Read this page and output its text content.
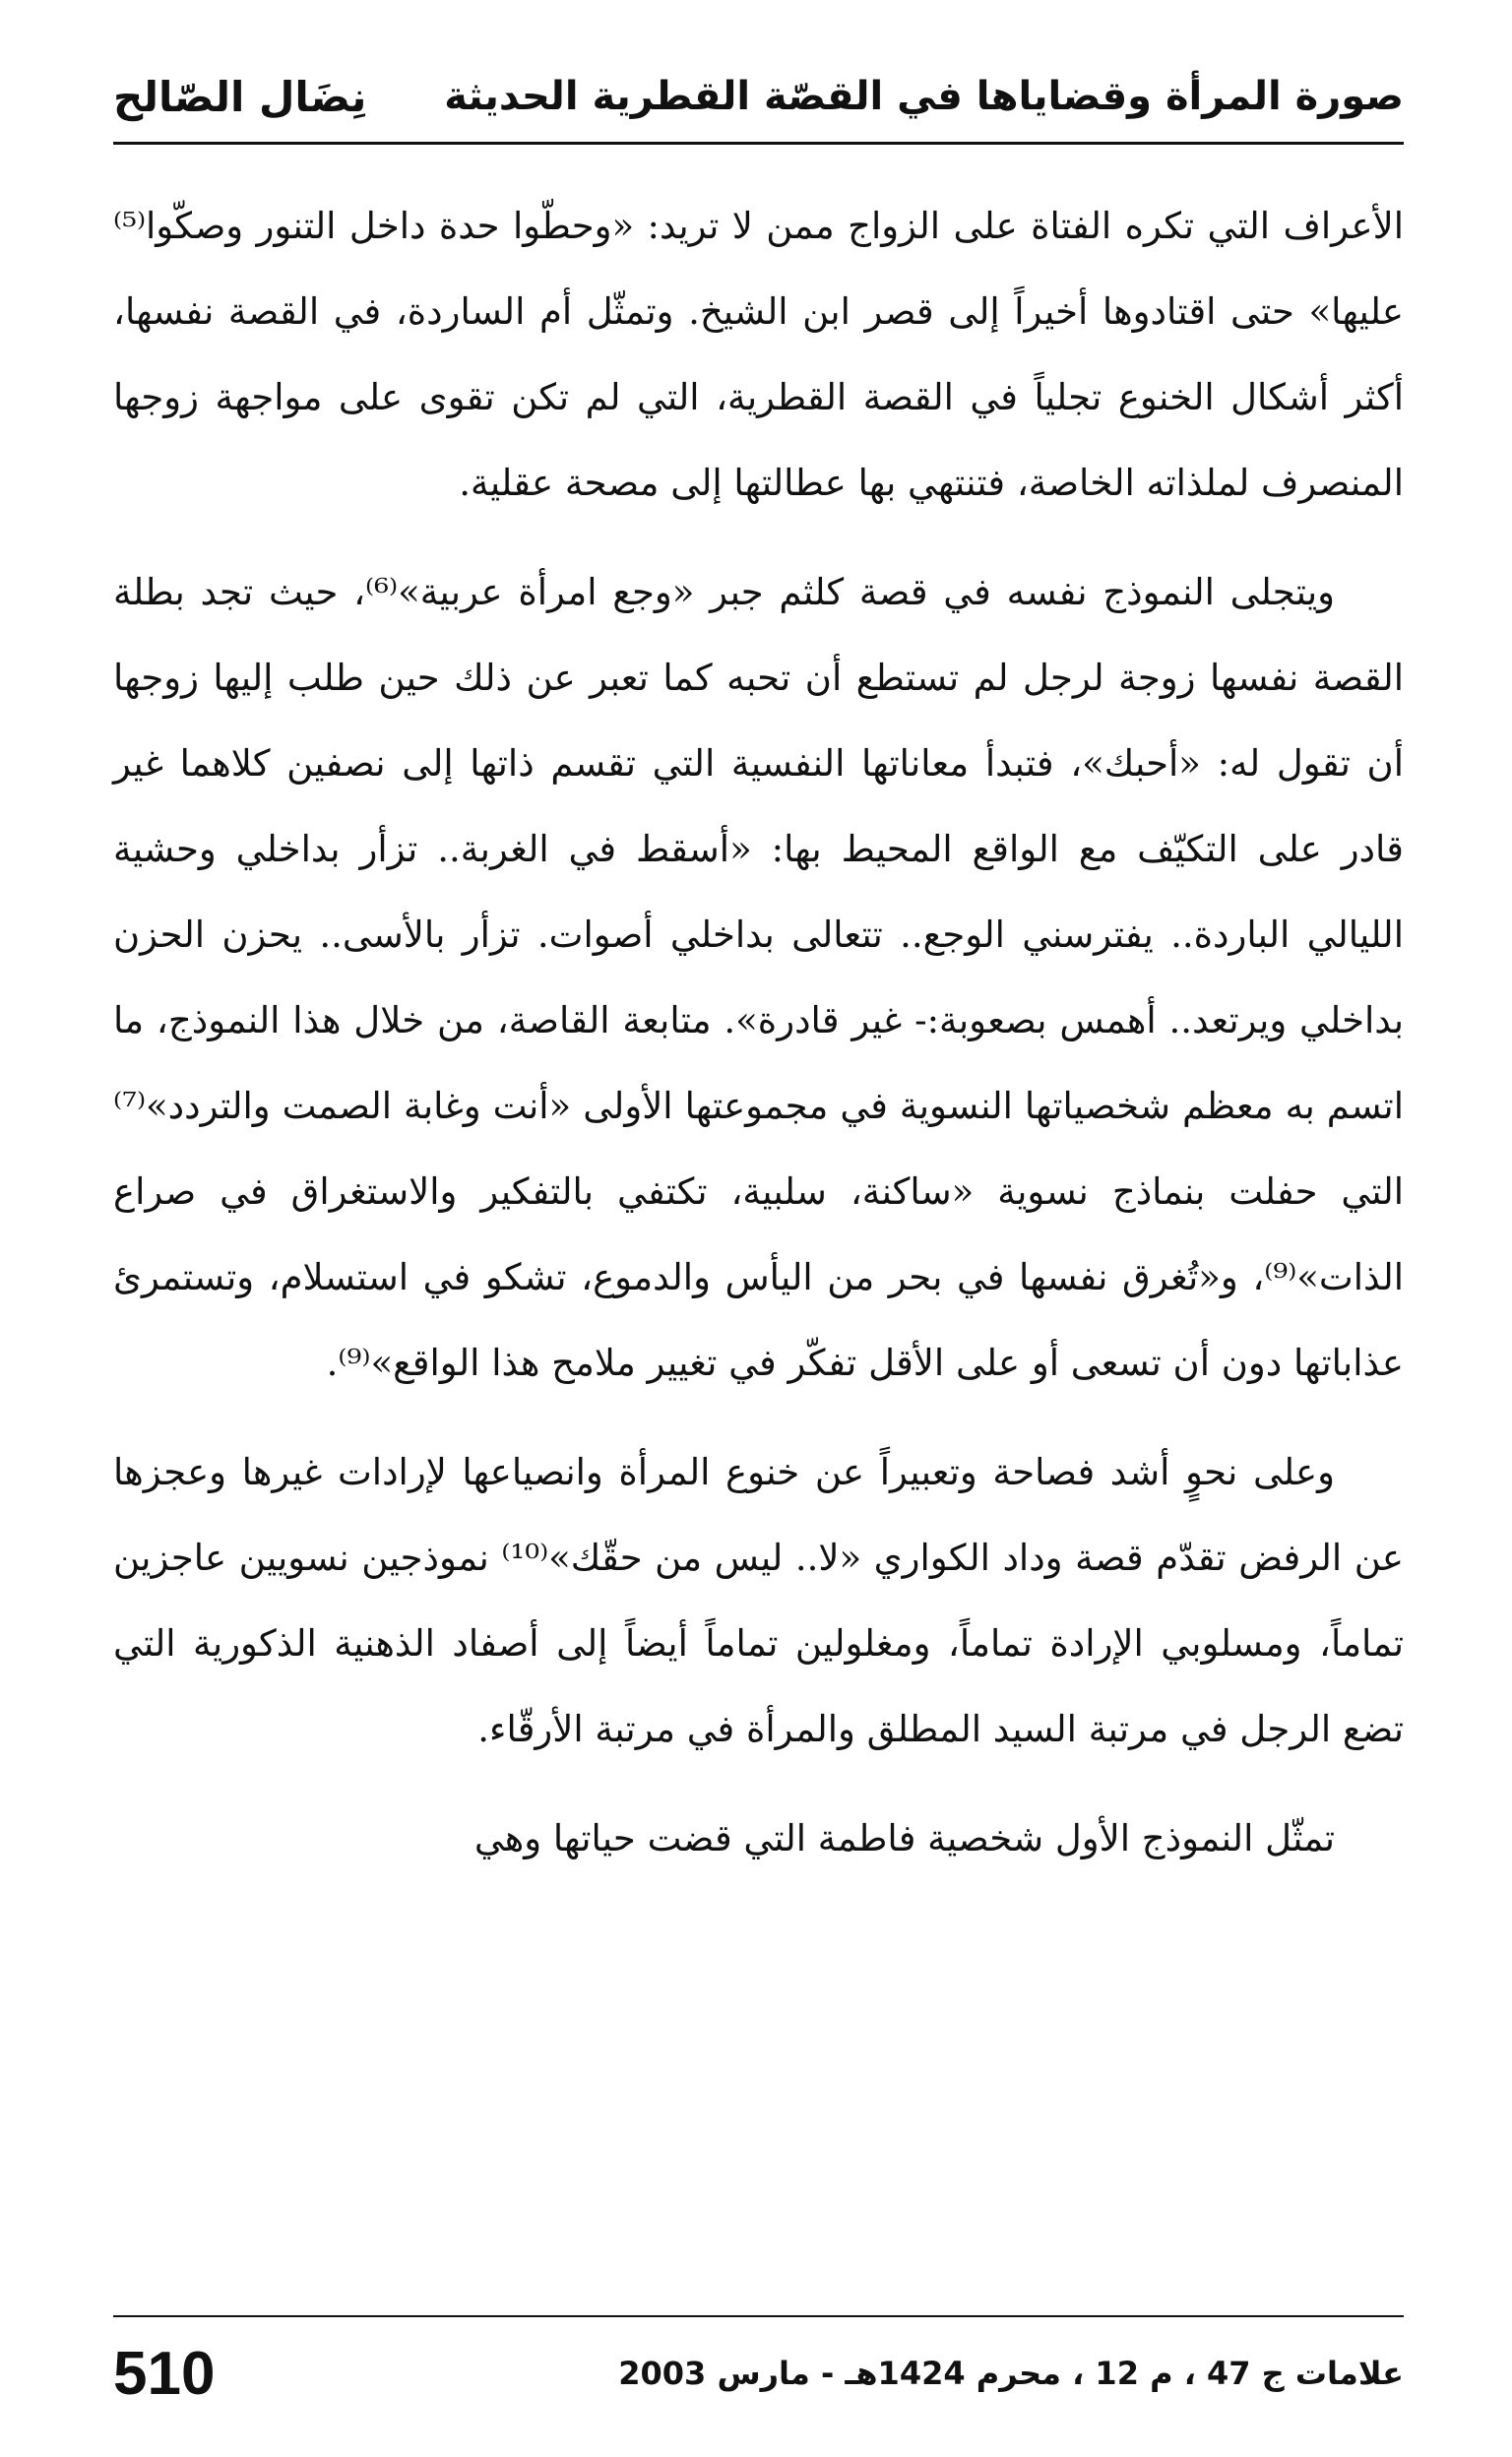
صورة المرأة وقضاياها في القصّة القطرية الحديثة
نِضَال الصّالح

الأعراف التي تكره الفتاة على الزواج ممن لا تريد: «وحطّوا حدة داخل التنور وصكّوا⁽⁵⁾ عليها» حتى اقتادوها أخيراً إلى قصر ابن الشيخ. وتمثّل أم الساردة، في القصة نفسها، أكثر أشكال الخنوع تجلياً في القصة القطرية، التي لم تكن تقوى على مواجهة زوجها المنصرف لملذاته الخاصة، فتنتهي بها عطالتها إلى مصحة عقلية.

ويتجلى النموذج نفسه في قصة كلثم جبر «وجع امرأة عربية»⁽⁶⁾، حيث تجد بطلة القصة نفسها زوجة لرجل لم تستطع أن تحبه كما تعبر عن ذلك حين طلب إليها زوجها أن تقول له: «أحبك»، فتبدأ معاناتها النفسية التي تقسم ذاتها إلى نصفين كلاهما غير قادر على التكيّف مع الواقع المحيط بها: «أسقط في الغربة.. تزأر بداخلي وحشية الليالي الباردة.. يفترسني الوجع.. تتعالى بداخلي أصوات. تزأر بالأسى.. يحزن الحزن بداخلي ويرتعد.. أهمس بصعوبة:- غير قادرة». متابعة القاصة، من خلال هذا النموذج، ما اتسم به معظم شخصياتها النسوية في مجموعتها الأولى «أنت وغابة الصمت والتردد»⁽⁷⁾ التي حفلت بنماذج نسوية «ساكنة، سلبية، تكتفي بالتفكير والاستغراق في صراع الذات»⁽⁹⁾، و«تُغرق نفسها في بحر من اليأس والدموع، تشكو في استسلام، وتستمرئ عذاباتها دون أن تسعى أو على الأقل تفكّر في تغيير ملامح هذا الواقع»⁽⁹⁾.

وعلى نحوٍ أشد فصاحة وتعبيراً عن خنوع المرأة وانصياعها لإرادات غيرها وعجزها عن الرفض تقدّم قصة وداد الكواري «لا.. ليس من حقّك»⁽¹⁰⁾ نموذجين نسويين عاجزين تماماً، ومسلوبي الإرادة تماماً، ومغلولين تماماً أيضاً إلى أصفاد الذهنية الذكورية التي تضع الرجل في مرتبة السيد المطلق والمرأة في مرتبة الأرقّاء.

تمثّل النموذج الأول شخصية فاطمة التي قضت حياتها وهي

علامات ج 47 ، م 12 ، محرم 1424هـ - مارس 2003
510
